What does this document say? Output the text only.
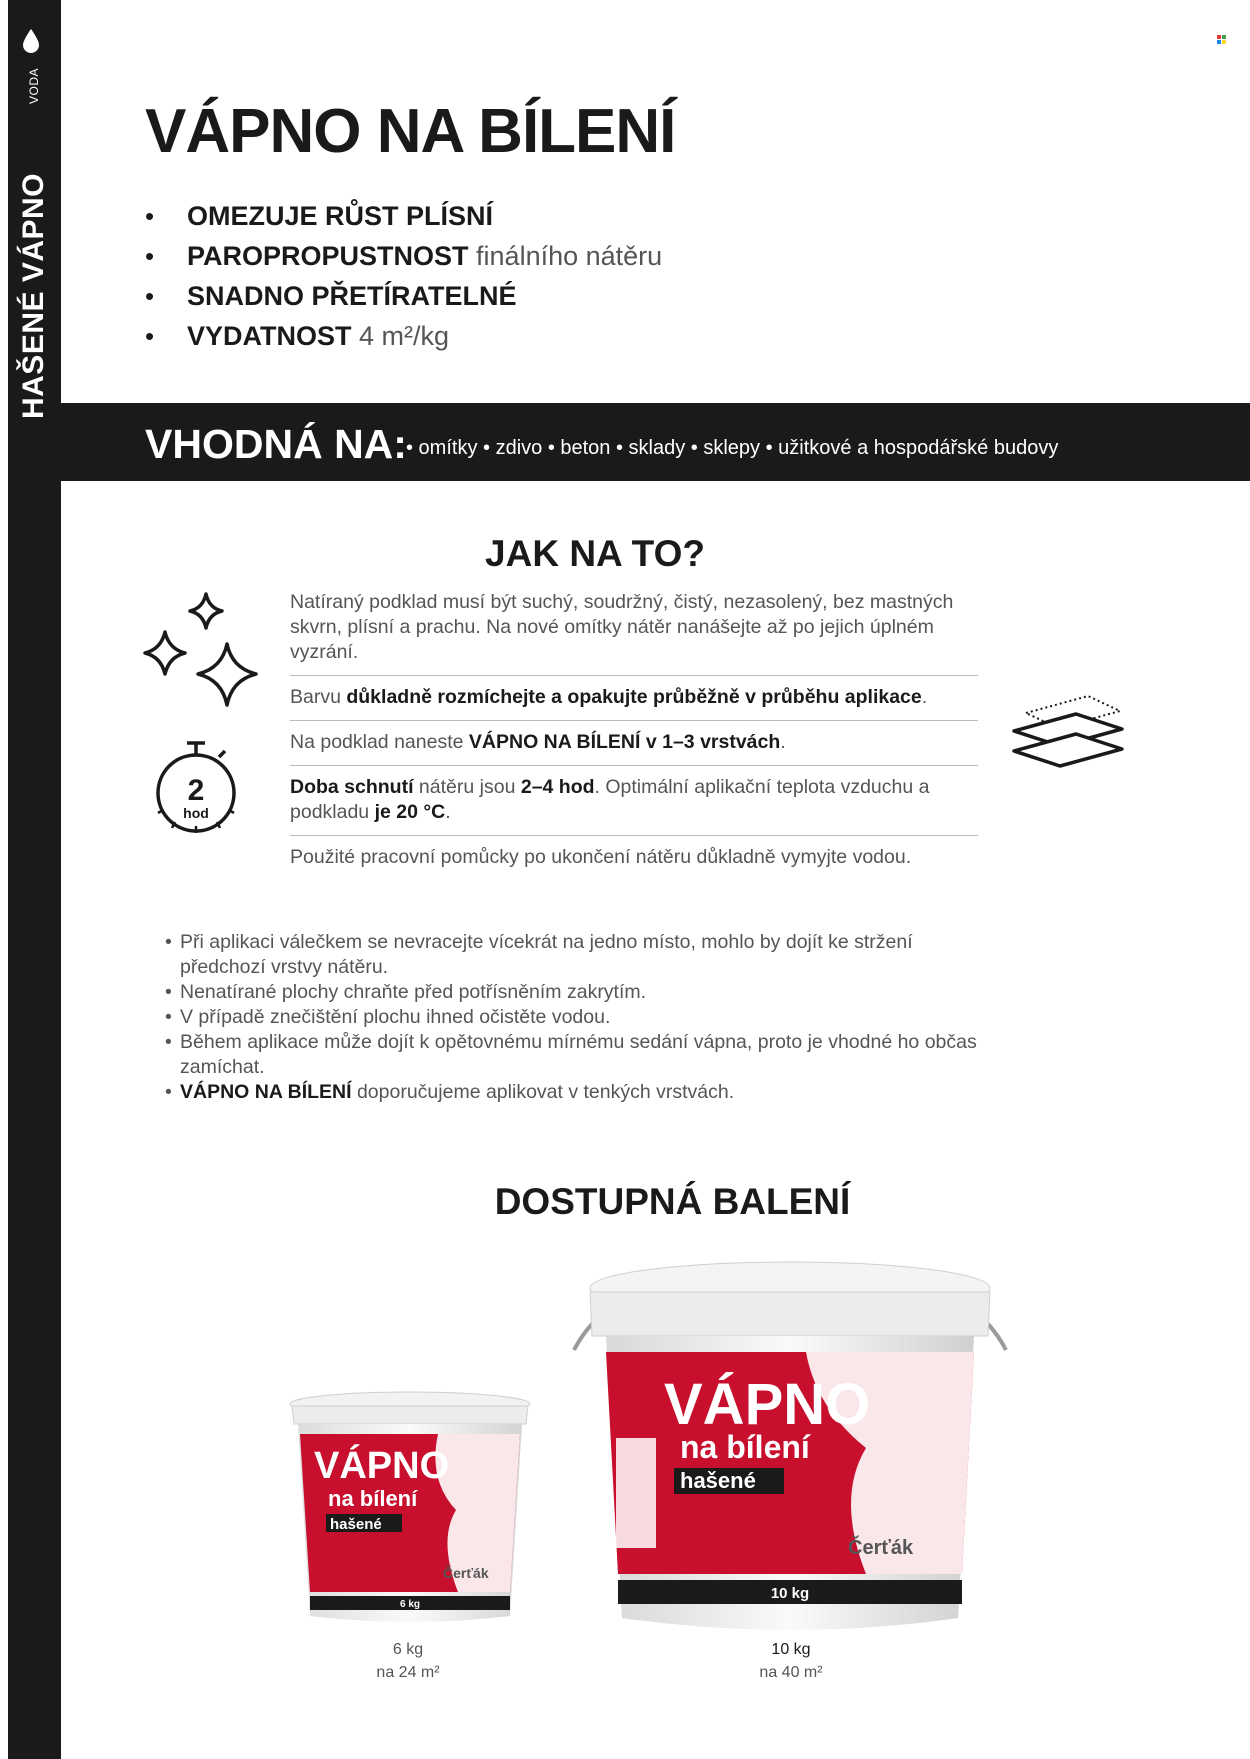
VODA
HAŠENÉ VÁPNO
VÁPNO NA BÍLENÍ
• OMEZUJE RŮST PLÍSNÍ
• PAROPROPUSTNOST finálního nátěru
• SNADNO PŘETÍRATELNÉ
• VYDATNOST 4 m²/kg
VHODNÁ NA: • omítky • zdivo • beton • sklady • sklepy • užitkové a hospodářské budovy
JAK NA TO?
2
hod
Natíraný podklad musí být suchý, soudržný, čistý, nezasolený, bez mastných skvrn, plísní a prachu. Na nové omítky nátěr nanášejte až po jejich úplném vyzrání.
Barvu důkladně rozmíchejte a opakujte průběžně v průběhu aplikace.
Na podklad naneste VÁPNO NA BÍLENÍ v 1–3 vrstvách.
Doba schnutí nátěru jsou 2–4 hod. Optimální aplikační teplota vzduchu a podkladu je 20 °C.
Použité pracovní pomůcky po ukončení nátěru důkladně vymyjte vodou.
• Při aplikaci válečkem se nevracejte vícekrát na jedno místo, mohlo by dojít ke stržení předchozí vrstvy nátěru.
• Nenatírané plochy chraňte před potřísněním zakrytím.
• V případě znečištění plochu ihned očistěte vodou.
• Během aplikace může dojít k opětovnému mírnému sedání vápna, proto je vhodné ho občas zamíchat.
• VÁPNO NA BÍLENÍ doporučujeme aplikovat v tenkých vrstvách.
DOSTUPNÁ BALENÍ
VÁPNO
na bílení
hašené
Čerťák
6 kg
VÁPNO
na bílení
hašené
Čerťák
10 kg
6 kg
na 24 m²
10 kg
na 40 m²
